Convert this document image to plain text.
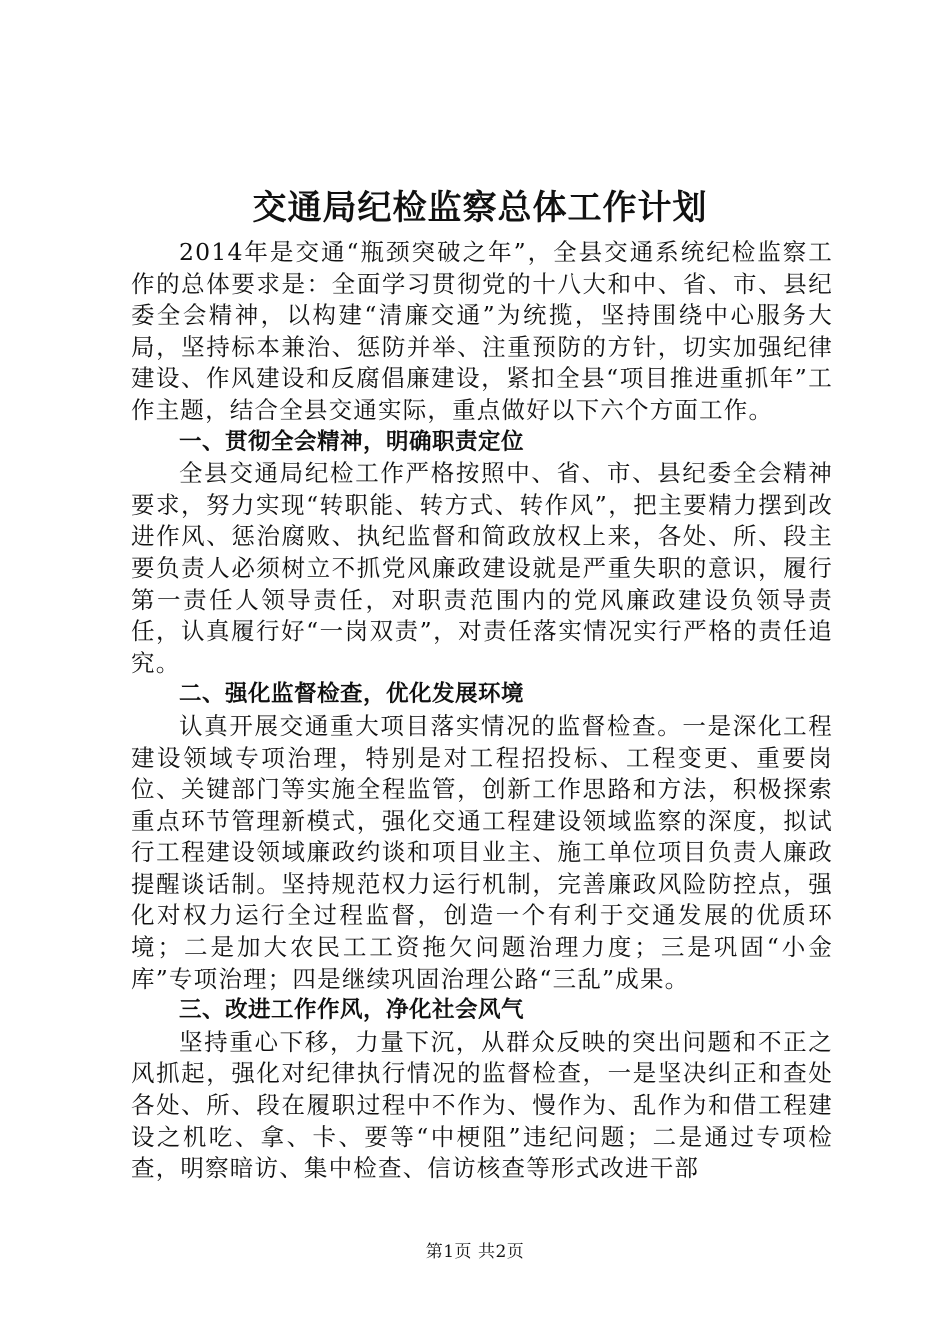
交通局纪检监察总体工作计划

2014年是交通“瓶颈突破之年”，全县交通系统纪检监察工作的总体要求是：全面学习贯彻党的十八大和中、省、市、县纪委全会精神，以构建“清廉交通”为统揽，坚持围绕中心服务大局，坚持标本兼治、惩防并举、注重预防的方针，切实加强纪律建设、作风建设和反腐倡廉建设，紧扣全县“项目推进重抓年”工作主题，结合全县交通实际，重点做好以下六个方面工作。

一、贯彻全会精神，明确职责定位

全县交通局纪检工作严格按照中、省、市、县纪委全会精神要求，努力实现“转职能、转方式、转作风”，把主要精力摆到改进作风、惩治腐败、执纪监督和简政放权上来，各处、所、段主要负责人必须树立不抓党风廉政建设就是严重失职的意识，履行第一责任人领导责任，对职责范围内的党风廉政建设负领导责任，认真履行好“一岗双责”，对责任落实情况实行严格的责任追究。

二、强化监督检查，优化发展环境

认真开展交通重大项目落实情况的监督检查。一是深化工程建设领域专项治理，特别是对工程招投标、工程变更、重要岗位、关键部门等实施全程监管，创新工作思路和方法，积极探索重点环节管理新模式，强化交通工程建设领域监察的深度，拟试行工程建设领域廉政约谈和项目业主、施工单位项目负责人廉政提醒谈话制。坚持规范权力运行机制，完善廉政风险防控点，强化对权力运行全过程监督，创造一个有利于交通发展的优质环境；二是加大农民工工资拖欠问题治理力度；三是巩固“小金库”专项治理；四是继续巩固治理公路“三乱”成果。

三、改进工作作风，净化社会风气

坚持重心下移，力量下沉，从群众反映的突出问题和不正之风抓起，强化对纪律执行情况的监督检查，一是坚决纠正和查处各处、所、段在履职过程中不作为、慢作为、乱作为和借工程建设之机吃、拿、卡、要等“中梗阻”违纪问题；二是通过专项检查，明察暗访、集中检查、信访核查等形式改进干部

第1页 共2页
